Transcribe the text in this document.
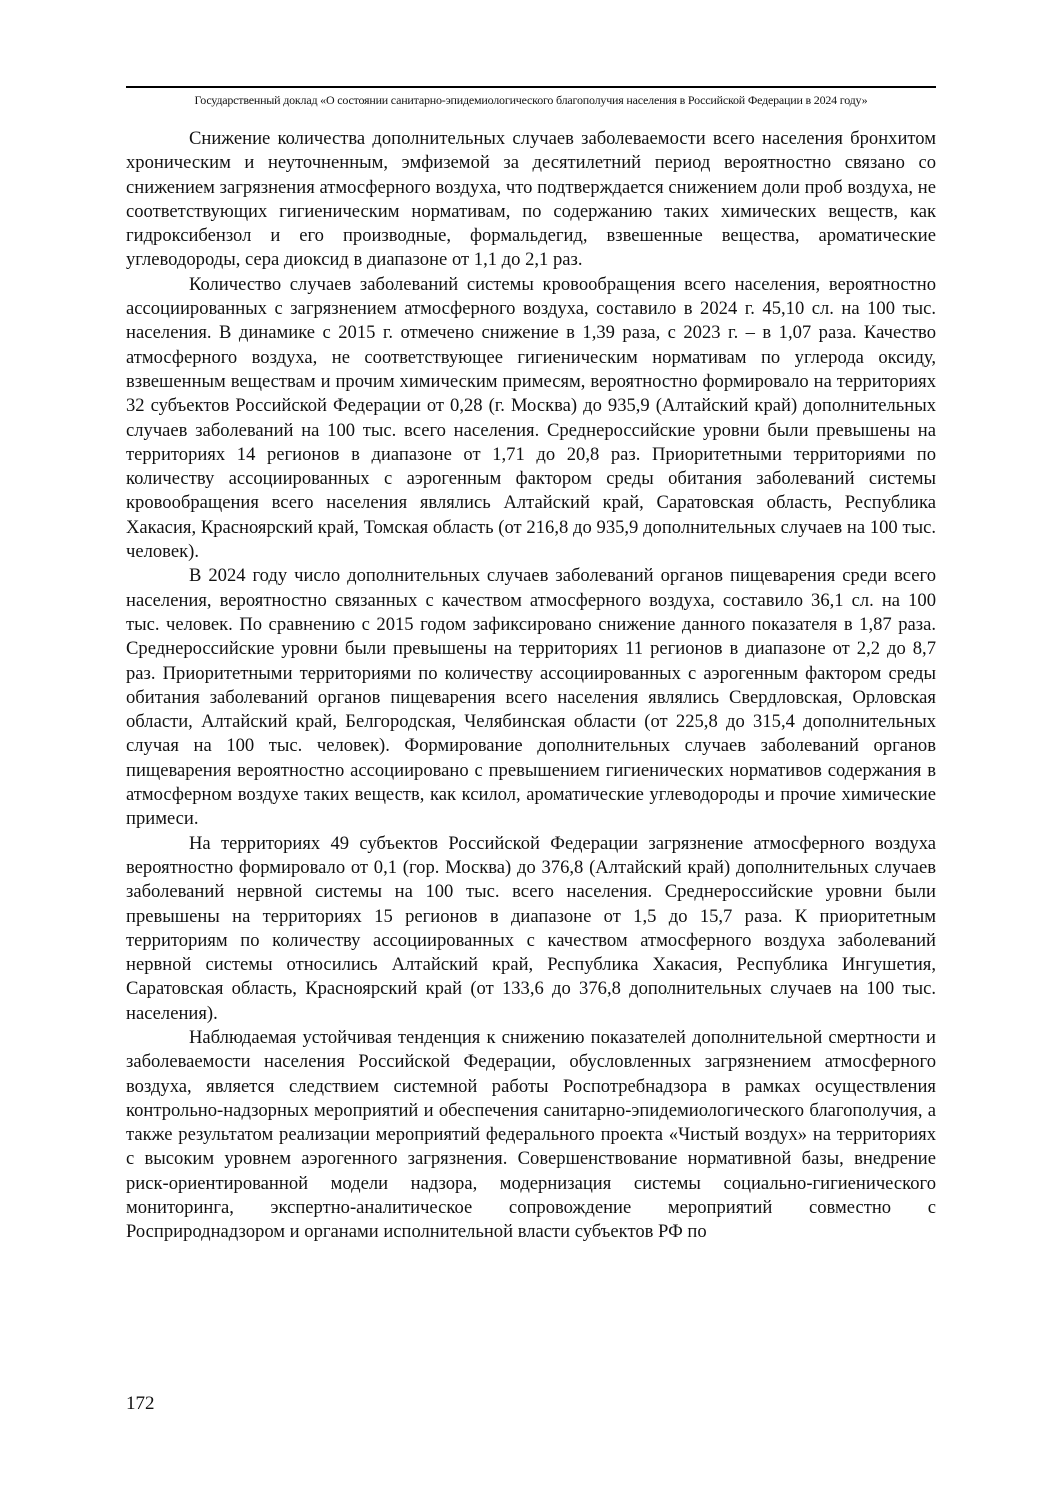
Государственный доклад «О состоянии санитарно-эпидемиологического благополучия населения в Российской Федерации в 2024 году»

Снижение количества дополнительных случаев заболеваемости всего населения бронхитом хроническим и неуточненным, эмфиземой за десятилетний период вероятностно связано со снижением загрязнения атмосферного воздуха, что подтверждается снижением доли проб воздуха, не соответствующих гигиеническим нормативам, по содержанию таких химических веществ, как гидроксибензол и его производные, формальдегид, взвешенные вещества, ароматические углеводороды, сера диоксид в диапазоне от 1,1 до 2,1 раз.

Количество случаев заболеваний системы кровообращения всего населения, вероятностно ассоциированных с загрязнением атмосферного воздуха, составило в 2024 г. 45,10 сл. на 100 тыс. населения. В динамике с 2015 г. отмечено снижение в 1,39 раза, с 2023 г. – в 1,07 раза. Качество атмосферного воздуха, не соответствующее гигиеническим нормативам по углерода оксиду, взвешенным веществам и прочим химическим примесям, вероятностно формировало на территориях 32 субъектов Российской Федерации от 0,28 (г. Москва) до 935,9 (Алтайский край) дополнительных случаев заболеваний на 100 тыс. всего населения. Среднероссийские уровни были превышены на территориях 14 регионов в диапазоне от 1,71 до 20,8 раз. Приоритетными территориями по количеству ассоциированных с аэрогенным фактором среды обитания заболеваний системы кровообращения всего населения являлись Алтайский край, Саратовская область, Республика Хакасия, Красноярский край, Томская область (от 216,8 до 935,9 дополнительных случаев на 100 тыс. человек).

В 2024 году число дополнительных случаев заболеваний органов пищеварения среди всего населения, вероятностно связанных с качеством атмосферного воздуха, составило 36,1 сл. на 100 тыс. человек. По сравнению с 2015 годом зафиксировано снижение данного показателя в 1,87 раза. Среднероссийские уровни были превышены на территориях 11 регионов в диапазоне от 2,2 до 8,7 раз. Приоритетными территориями по количеству ассоциированных с аэрогенным фактором среды обитания заболеваний органов пищеварения всего населения являлись Свердловская, Орловская области, Алтайский край, Белгородская, Челябинская области (от 225,8 до 315,4 дополнительных случая на 100 тыс. человек). Формирование дополнительных случаев заболеваний органов пищеварения вероятностно ассоциировано с превышением гигиенических нормативов содержания в атмосферном воздухе таких веществ, как ксилол, ароматические углеводороды и прочие химические примеси.

На территориях 49 субъектов Российской Федерации загрязнение атмосферного воздуха вероятностно формировало от 0,1 (гор. Москва) до 376,8 (Алтайский край) дополнительных случаев заболеваний нервной системы на 100 тыс. всего населения. Среднероссийские уровни были превышены на территориях 15 регионов в диапазоне от 1,5 до 15,7 раза. К приоритетным территориям по количеству ассоциированных с качеством атмосферного воздуха заболеваний нервной системы относились Алтайский край, Республика Хакасия, Республика Ингушетия, Саратовская область, Красноярский край (от 133,6 до 376,8 дополнительных случаев на 100 тыс. населения).

Наблюдаемая устойчивая тенденция к снижению показателей дополнительной смертности и заболеваемости населения Российской Федерации, обусловленных загрязнением атмосферного воздуха, является следствием системной работы Роспотребнадзора в рамках осуществления контрольно-надзорных мероприятий и обеспечения санитарно-эпидемиологического благополучия, а также результатом реализации мероприятий федерального проекта «Чистый воздух» на территориях с высоким уровнем аэрогенного загрязнения. Совершенствование нормативной базы, внедрение риск-ориентированной модели надзора, модернизация системы социально-гигиенического мониторинга, экспертно-аналитическое сопровождение мероприятий совместно с Росприроднадзором и органами исполнительной власти субъектов РФ по

172
